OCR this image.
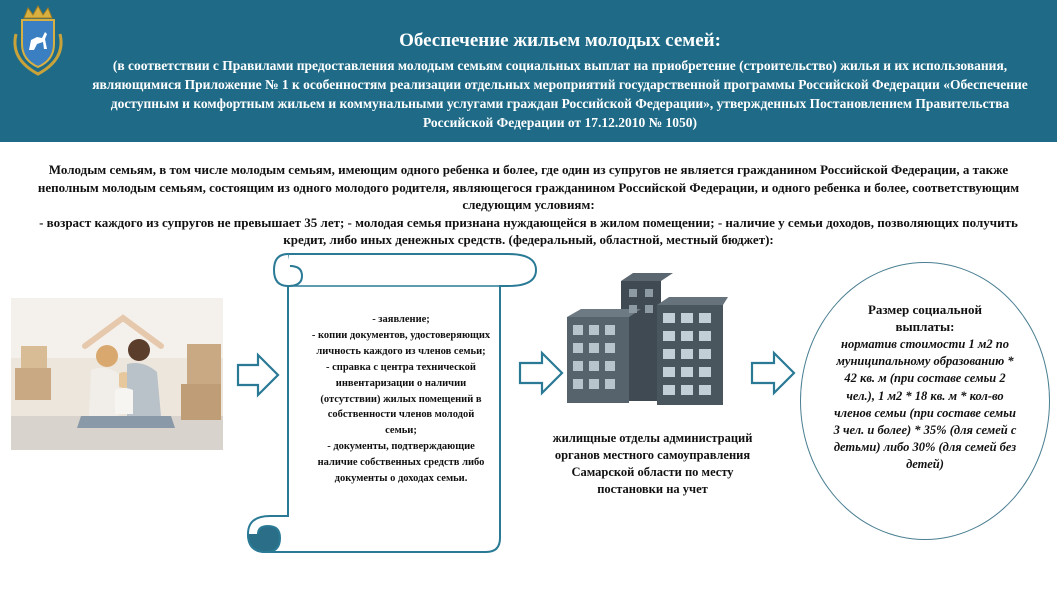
Обеспечение жильем молодых семей:
(в соответствии с Правилами предоставления молодым семьям социальных выплат на приобретение (строительство) жилья и их использования, являющимися Приложение № 1 к особенностям реализации отдельных мероприятий государственной программы Российской Федерации «Обеспечение доступным и комфортным жильем и коммунальными услугами граждан Российской Федерации», утвержденных Постановлением Правительства Российской Федерации от 17.12.2010 № 1050)
Молодым семьям, в том числе молодым семьям, имеющим одного ребенка и более, где один из супругов не является гражданином Российской Федерации, а также неполным молодым семьям, состоящим из одного молодого родителя, являющегося гражданином Российской Федерации, и одного ребенка и более, соответствующим следующим условиям:
- возраст каждого из супругов не превышает 35 лет; - молодая семья признана нуждающейся в жилом помещении; - наличие у семьи доходов, позволяющих получить кредит, либо иных денежных средств. (федеральный, областной, местный бюджет):
- заявление;
- копии документов, удостоверяющих личность каждого из членов семьи;
- справка с центра технической инвентаризации о наличии (отсутствии) жилых помещений в собственности членов молодой семьи;
- документы, подтверждающие наличие собственных средств либо документы о доходах семьи.
жилищные отделы администраций органов местного самоуправления Самарской области по месту постановки на учет
Размер социальной выплаты:
норматив стоимости 1 м2 по муниципальному образованию * 42 кв. м (при составе семьи 2 чел.), 1 м2 * 18 кв. м * кол-во членов семьи (при составе семьи 3 чел. и более) * 35% (для семей с детьми) либо 30% (для семей без детей)
